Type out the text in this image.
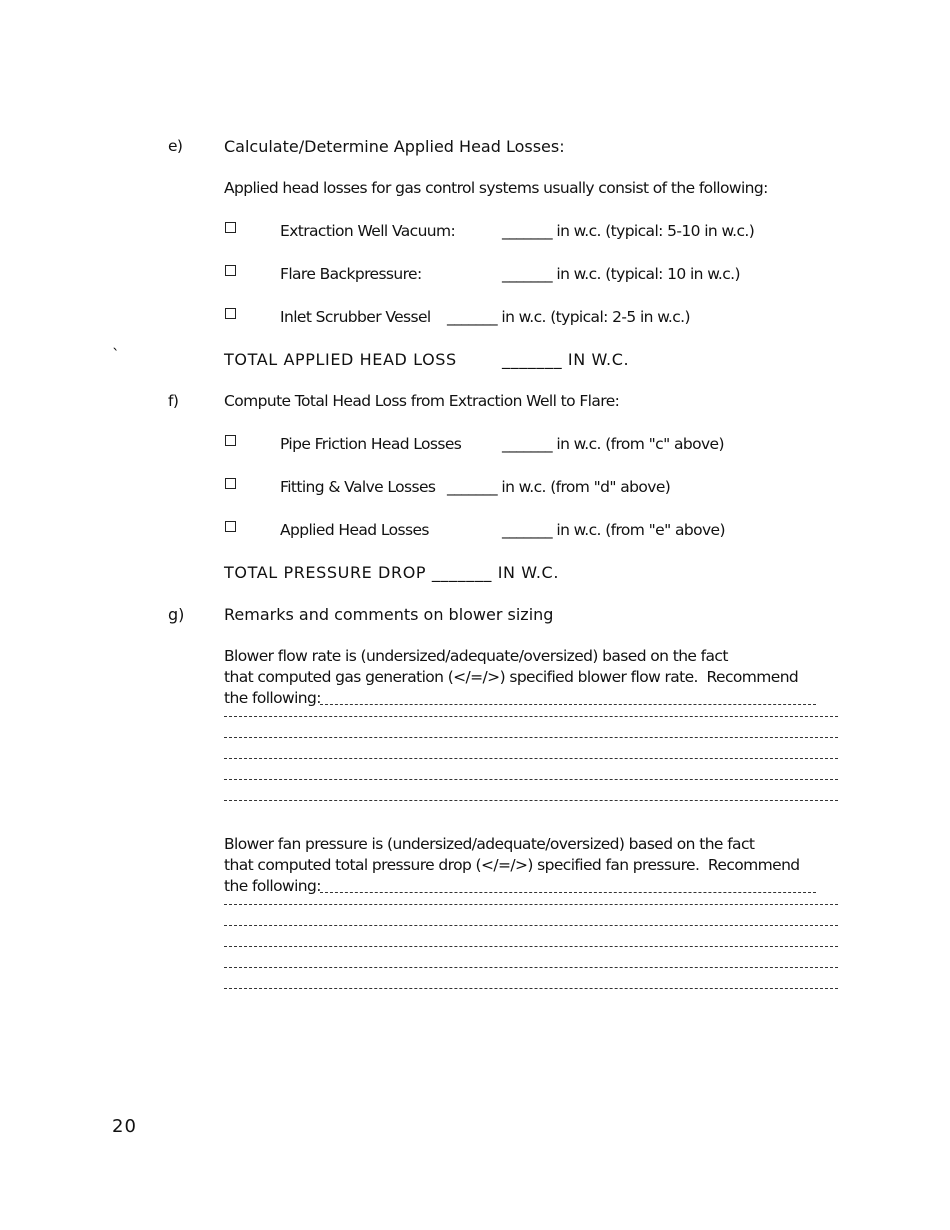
e)	Calculate/Determine Applied Head Losses:
Applied head losses for gas control systems usually consist of the following:
Extraction Well Vacuum:	_______ in w.c. (typical: 5-10 in w.c.)
Flare Backpressure:	_______ in w.c. (typical: 10 in w.c.)
Inlet Scrubber Vessel _______ in w.c. (typical: 2-5 in w.c.)
`	TOTAL APPLIED HEAD LOSS	_______ IN W.C.
f)	Compute Total Head Loss from Extraction Well to Flare:
Pipe Friction Head Losses	_______ in w.c. (from "c" above)
Fitting & Valve Losses _______ in w.c. (from "d" above)
Applied Head Losses	_______ in w.c. (from "e" above)
TOTAL PRESSURE DROP _______ IN W.C.
g) Remarks and comments on blower sizing
Blower flow rate is (undersized/adequate/oversized) based on the fact
that computed gas generation (</=/>) specified blower flow rate.  Recommend
the following:
Blower fan pressure is (undersized/adequate/oversized) based on the fact
that computed total pressure drop (</=/>) specified fan pressure.  Recommend
the following:
20
